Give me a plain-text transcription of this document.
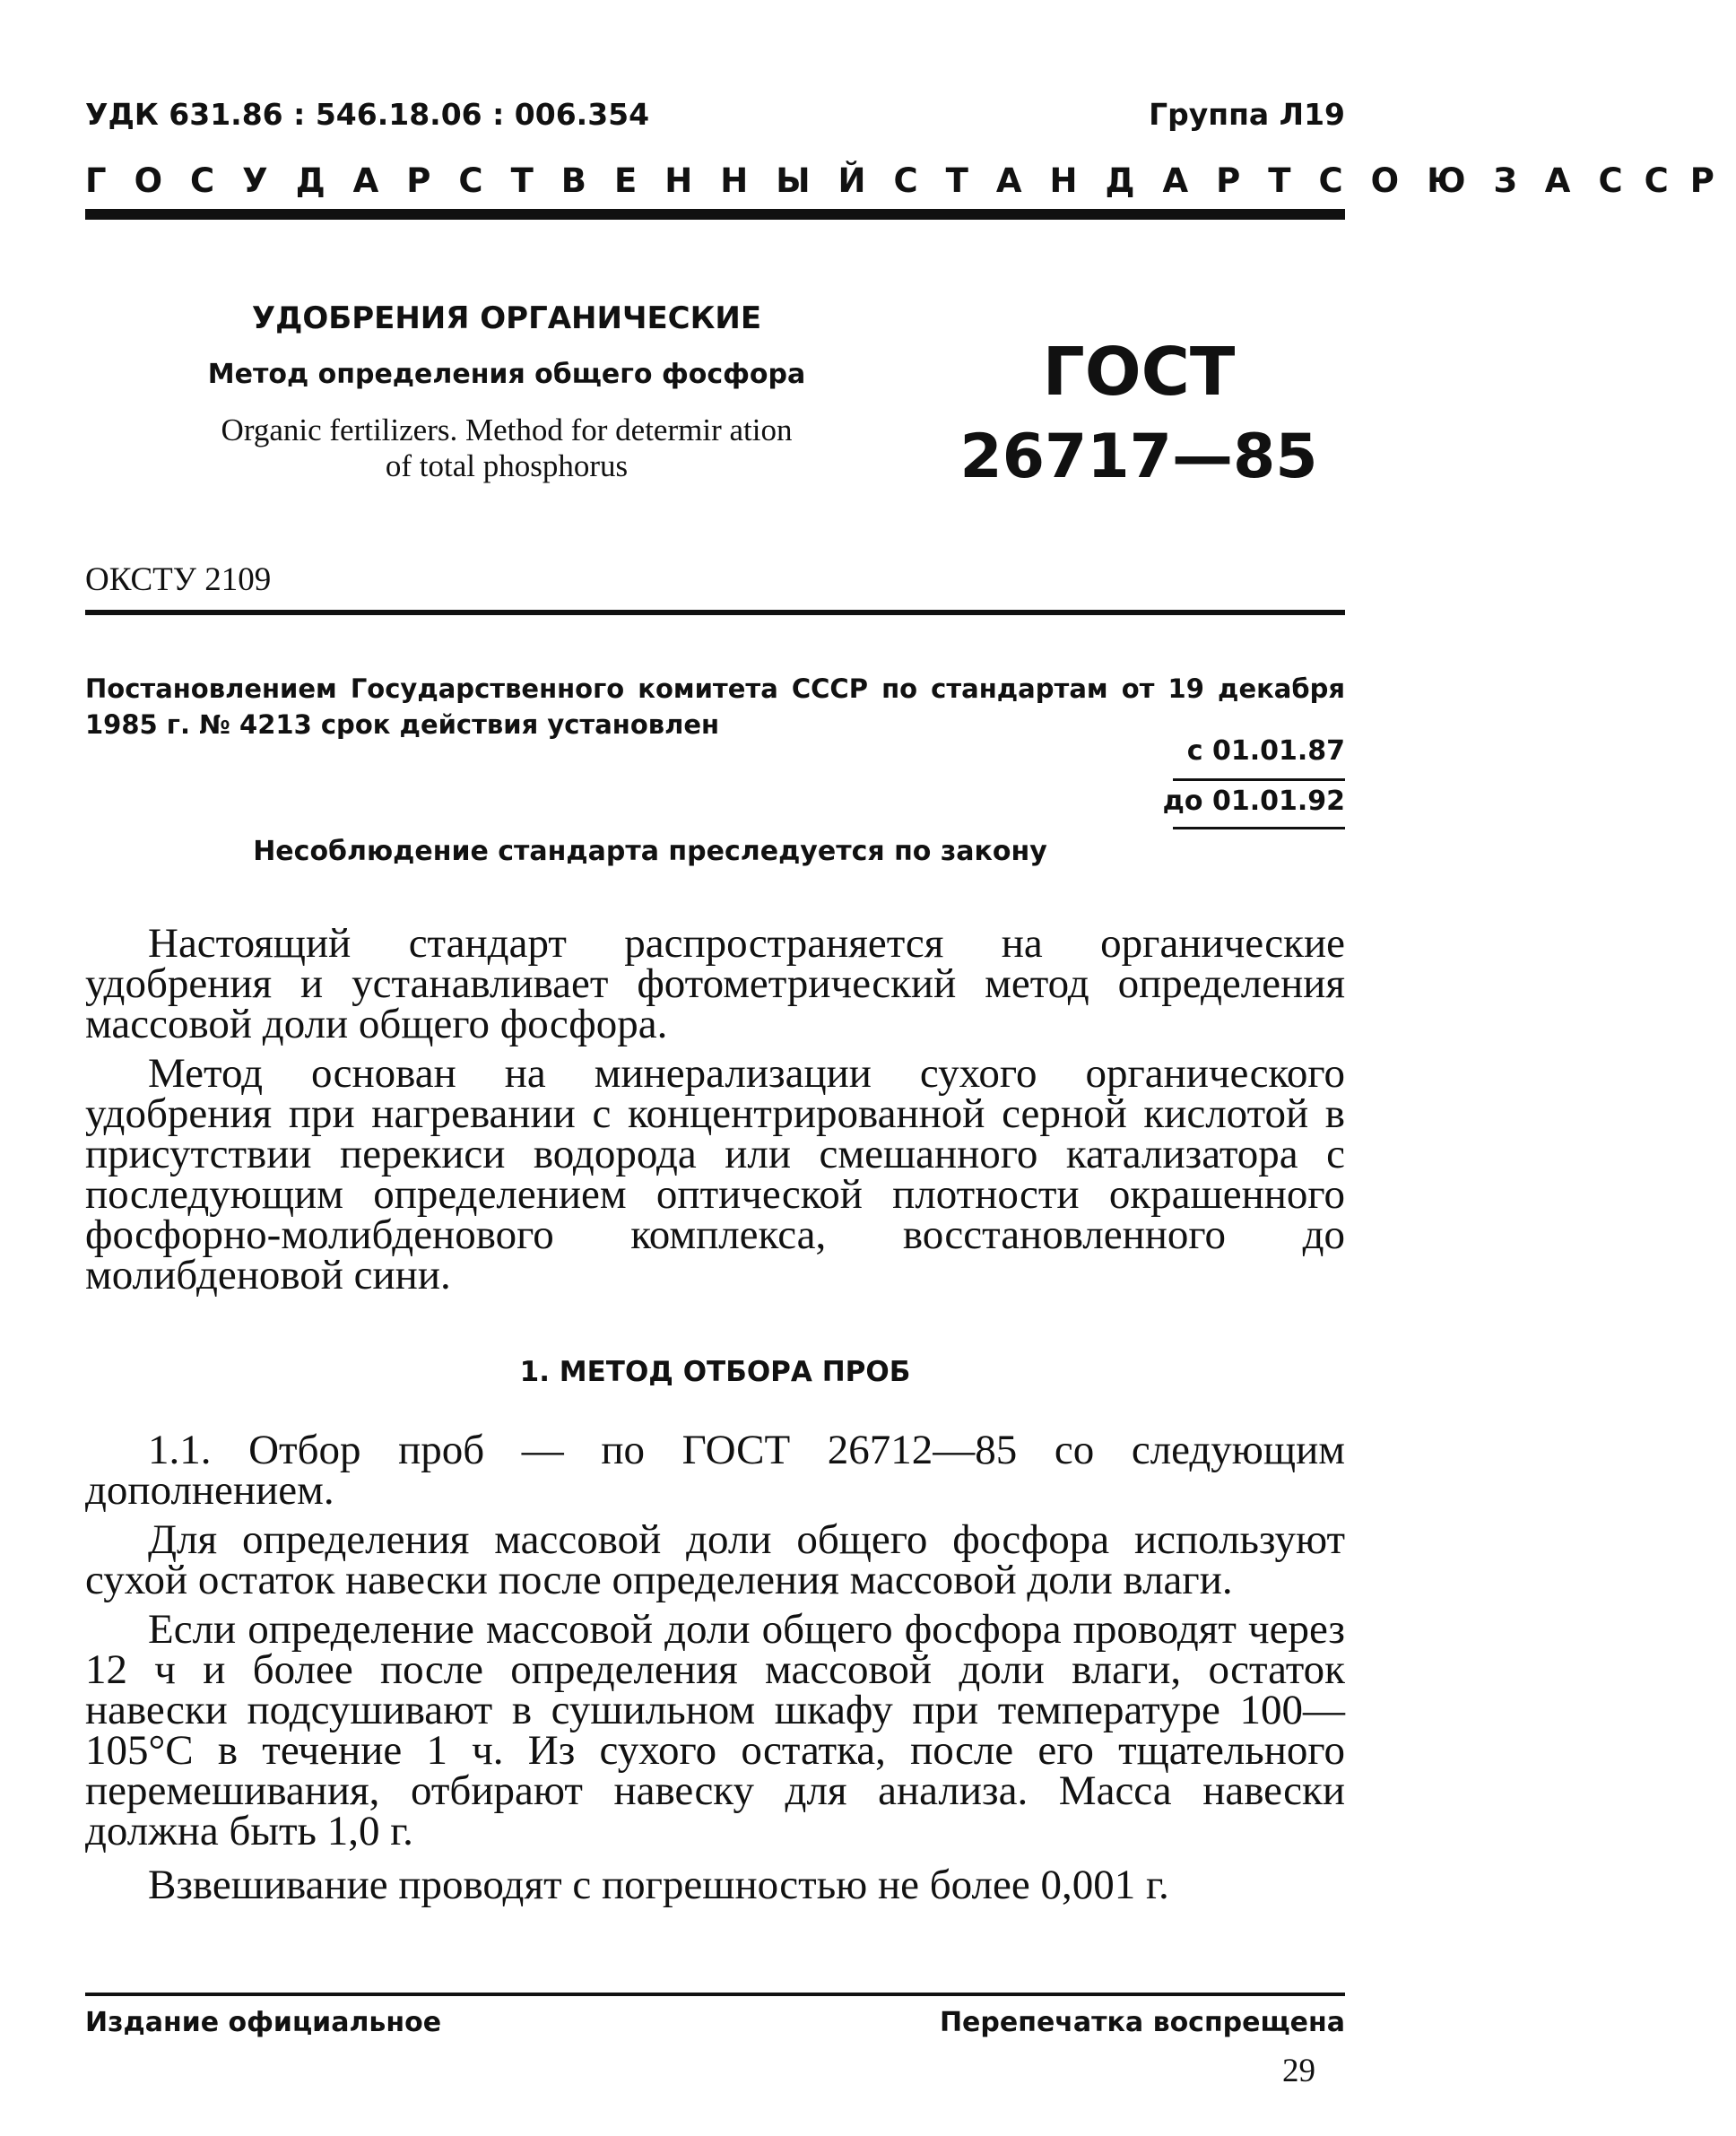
УДК 631.86 : 546.18.06 : 006.354	Группа Л19
ГОСУДАРСТВЕННЫЙ СТАНДАРТ СОЮЗА ССР
УДОБРЕНИЯ ОРГАНИЧЕСКИЕ
Метод определения общего фосфора
Organic fertilizers. Method for determir ation
of total phosphorus
ГОСТ
26717—85
ОКСТУ 2109
Постановлением Государственного комитета СССР по стандартам от 19 декабря
1985 г. № 4213 срок действия установлен
с 01.01.87
до 01.01.92
Несоблюдение стандарта преследуется по закону

Настоящий стандарт распространяется на органические удобрения и устанавливает фотометрический метод определения массовой доли общего фосфора.

Метод основан на минерализации сухого органического удобрения при нагревании с концентрированной серной кислотой в присутствии перекиси водорода или смешанного катализатора с последующим определением оптической плотности окрашенного фосфорно-молибденового комплекса, восстановленного до молибденовой сини.

1. МЕТОД ОТБОРА ПРОБ

1.1. Отбор проб — по ГОСТ 26712—85 со следующим дополнением.

Для определения массовой доли общего фосфора используют сухой остаток навески после определения массовой доли влаги.

Если определение массовой доли общего фосфора проводят через 12 ч и более после определения массовой доли влаги, остаток навески подсушивают в сушильном шкафу при температуре 100—105°С в течение 1 ч. Из сухого остатка, после его тщательного перемешивания, отбирают навеску для анализа. Масса навески должна быть 1,0 г.

Взвешивание проводят с погрешностью не более 0,001 г.

Издание официальное	Перепечатка воспрещена
29
